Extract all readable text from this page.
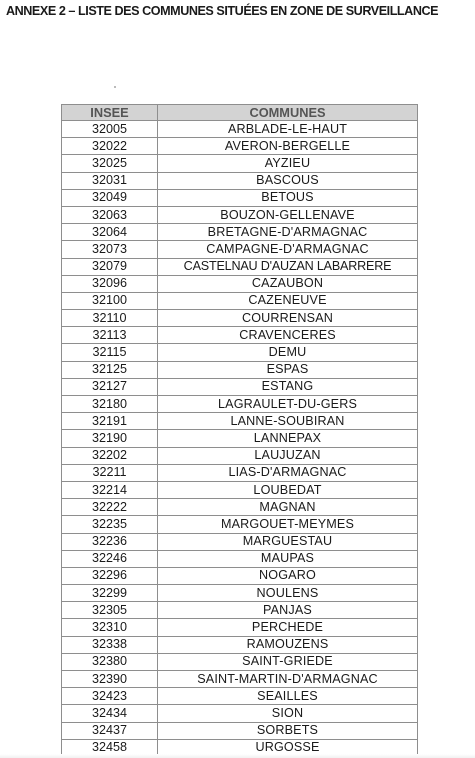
ANNEXE 2 – LISTE DES COMMUNES SITUÉES EN ZONE DE SURVEILLANCE
INSEE	COMMUNES
32005	ARBLADE-LE-HAUT
32022	AVERON-BERGELLE
32025	AYZIEU
32031	BASCOUS
32049	BETOUS
32063	BOUZON-GELLENAVE
32064	BRETAGNE-D'ARMAGNAC
32073	CAMPAGNE-D'ARMAGNAC
32079	CASTELNAU D'AUZAN LABARRERE
32096	CAZAUBON
32100	CAZENEUVE
32110	COURRENSAN
32113	CRAVENCERES
32115	DEMU
32125	ESPAS
32127	ESTANG
32180	LAGRAULET-DU-GERS
32191	LANNE-SOUBIRAN
32190	LANNEPAX
32202	LAUJUZAN
32211	LIAS-D'ARMAGNAC
32214	LOUBEDAT
32222	MAGNAN
32235	MARGOUET-MEYMES
32236	MARGUESTAU
32246	MAUPAS
32296	NOGARO
32299	NOULENS
32305	PANJAS
32310	PERCHEDE
32338	RAMOUZENS
32380	SAINT-GRIEDE
32390	SAINT-MARTIN-D'ARMAGNAC
32423	SEAILLES
32434	SION
32437	SORBETS
32458	URGOSSE
